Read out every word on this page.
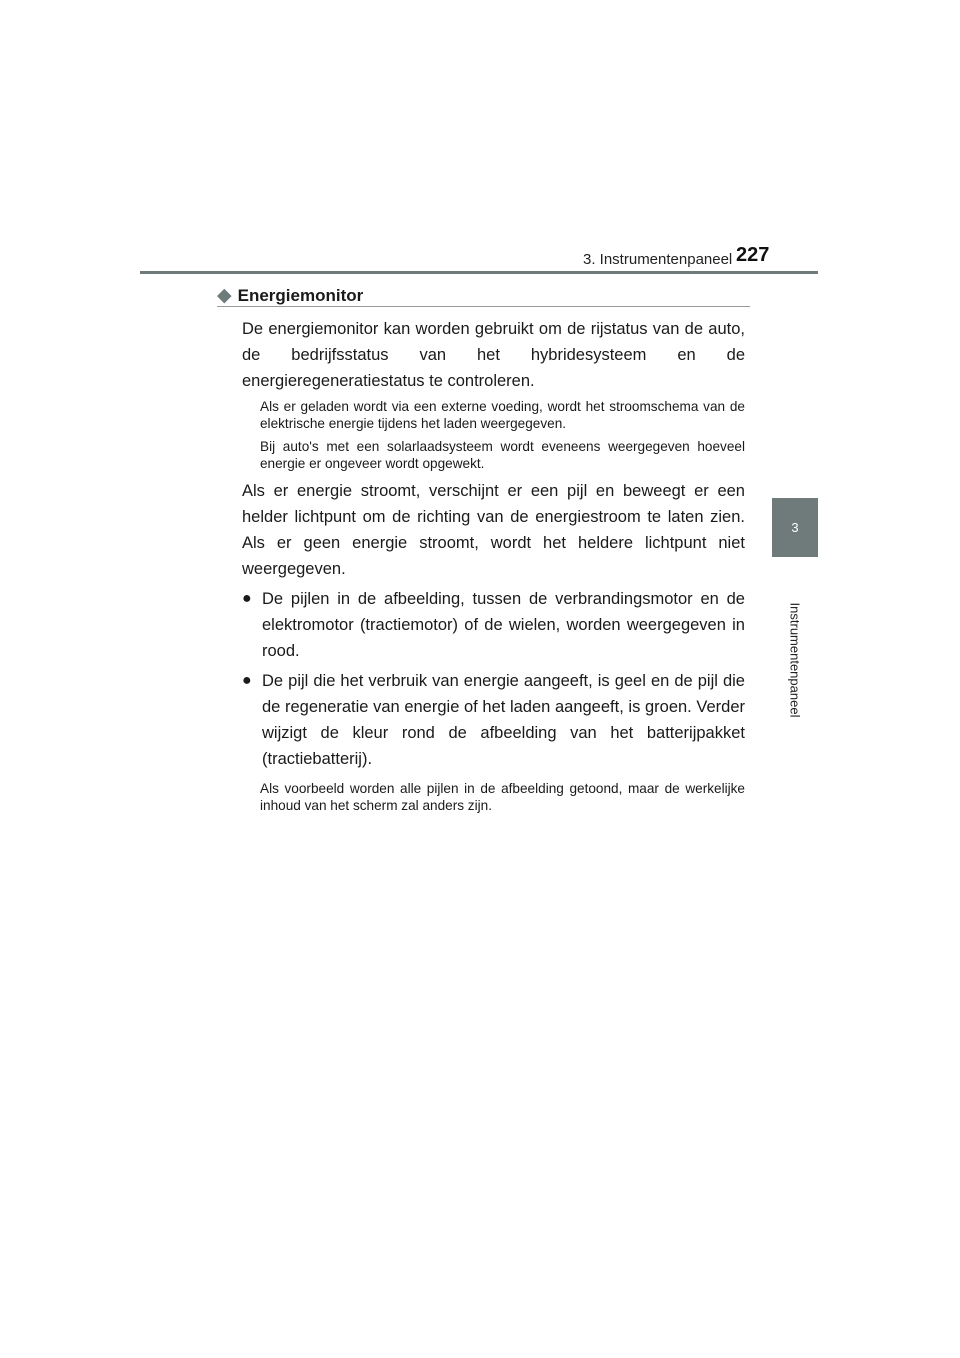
3. Instrumentenpaneel 227
3
Instrumentenpaneel
◆ Energiemonitor

De energiemonitor kan worden gebruikt om de rijstatus van de auto, de bedrijfsstatus van het hybridesysteem en de energieregeneratiestatus te controleren.

Als er geladen wordt via een externe voeding, wordt het stroomschema van de elektrische energie tijdens het laden weergegeven.

Bij auto's met een solarlaadsysteem wordt eveneens weergegeven hoeveel energie er ongeveer wordt opgewekt.

Als er energie stroomt, verschijnt er een pijl en beweegt er een helder lichtpunt om de richting van de energiestroom te laten zien. Als er geen energie stroomt, wordt het heldere lichtpunt niet weergegeven.

● De pijlen in de afbeelding, tussen de verbrandingsmotor en de elektromotor (tractiemotor) of de wielen, worden weergegeven in rood.
● De pijl die het verbruik van energie aangeeft, is geel en de pijl die de regeneratie van energie of het laden aangeeft, is groen. Verder wijzigt de kleur rond de afbeelding van het batterijpakket (tractiebatterij).

Als voorbeeld worden alle pijlen in de afbeelding getoond, maar de werkelijke inhoud van het scherm zal anders zijn.
